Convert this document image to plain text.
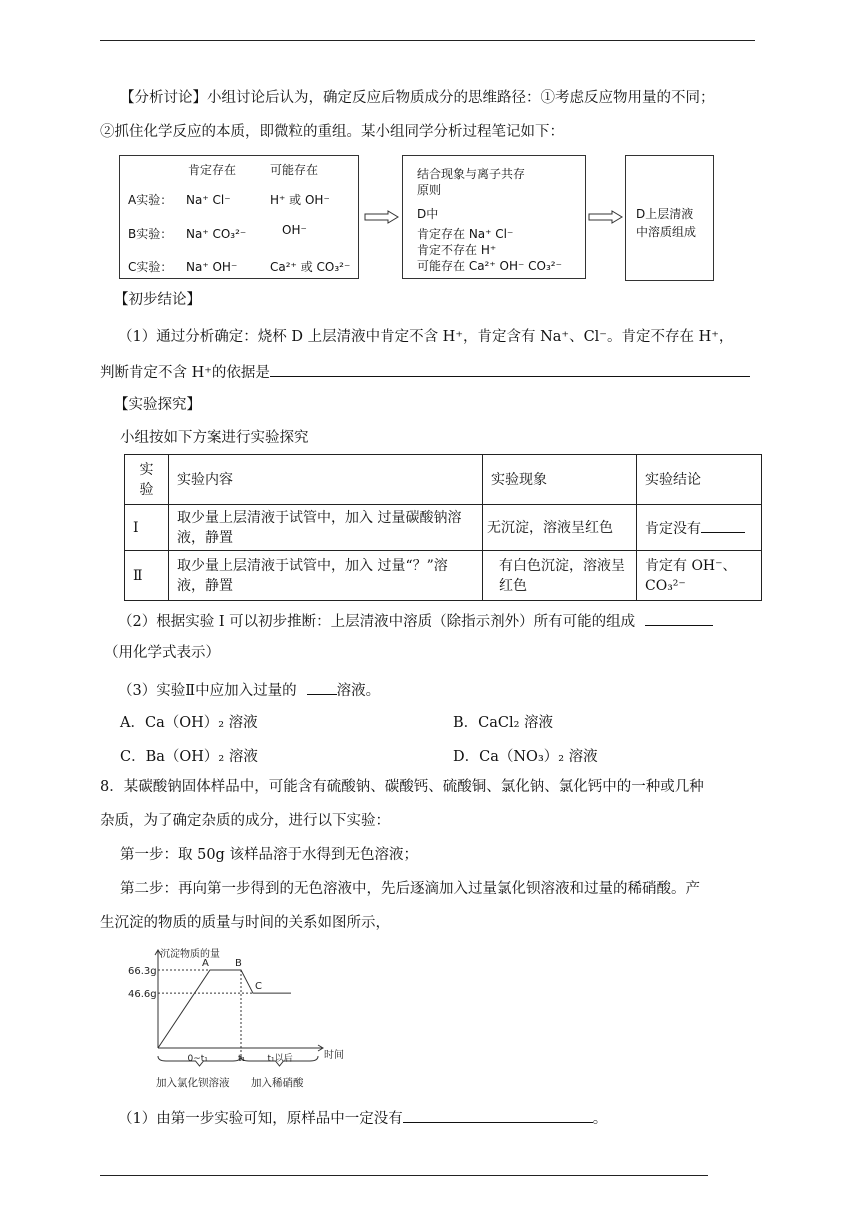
【分析讨论】小组讨论后认为，确定反应后物质成分的思维路径：①考虑反应物用量的不同；
②抓住化学反应的本质，即微粒的重组。某小组同学分析过程笔记如下：
肯定存在	可能存在
A实验： Na⁺ Cl⁻	H⁺ 或 OH⁻
B实验： Na⁺ CO₃²⁻	OH⁻
C实验： Na⁺ OH⁻	Ca²⁺ 或 CO₃²⁻
结合现象与离子共存
原则
D中
肯定存在 Na⁺ Cl⁻
肯定不存在 H⁺
可能存在 Ca²⁺ OH⁻ CO₃²⁻
D上层清液
中溶质组成
【初步结论】
（1）通过分析确定：烧杯 D 上层清液中肯定不含 H⁺，肯定含有 Na⁺、Cl⁻。肯定不存在 H⁺，
判断肯定不含 H⁺的依据是
【实验探究】
小组按如下方案进行实验探究
实验	实验内容	实验现象	实验结论
I	取少量上层清液于试管中，加入 过量碳酸钠溶液，静置	无沉淀，溶液呈红色	肯定没有
Ⅱ	取少量上层清液于试管中，加入 过量“？”溶液，静置	有白色沉淀，溶液呈红色	肯定有 OH⁻、CO₃²⁻
（2）根据实验 I 可以初步推断：上层清液中溶质（除指示剂外）所有可能的组成
（用化学式表示）
（3）实验Ⅱ中应加入过量的	溶液。
A．Ca（OH）₂ 溶液	B．CaCl₂ 溶液
C．Ba（OH）₂ 溶液	D．Ca（NO₃）₂ 溶液
8．某碳酸钠固体样品中，可能含有硫酸钠、碳酸钙、硫酸铜、氯化钠、氯化钙中的一种或几种
杂质，为了确定杂质的成分，进行以下实验：
第一步：取 50g 该样品溶于水得到无色溶液；
第二步：再向第一步得到的无色溶液中，先后逐滴加入过量氯化钡溶液和过量的稀硝酸。产
生沉淀的物质的质量与时间的关系如图所示，
沉淀物质的量
时间
66.3g
46.6g
A	B
C
0~t₁	t₁ t₁以后
加入氯化钡溶液 加入稀硝酸
（1）由第一步实验可知，原样品中一定没有	。
